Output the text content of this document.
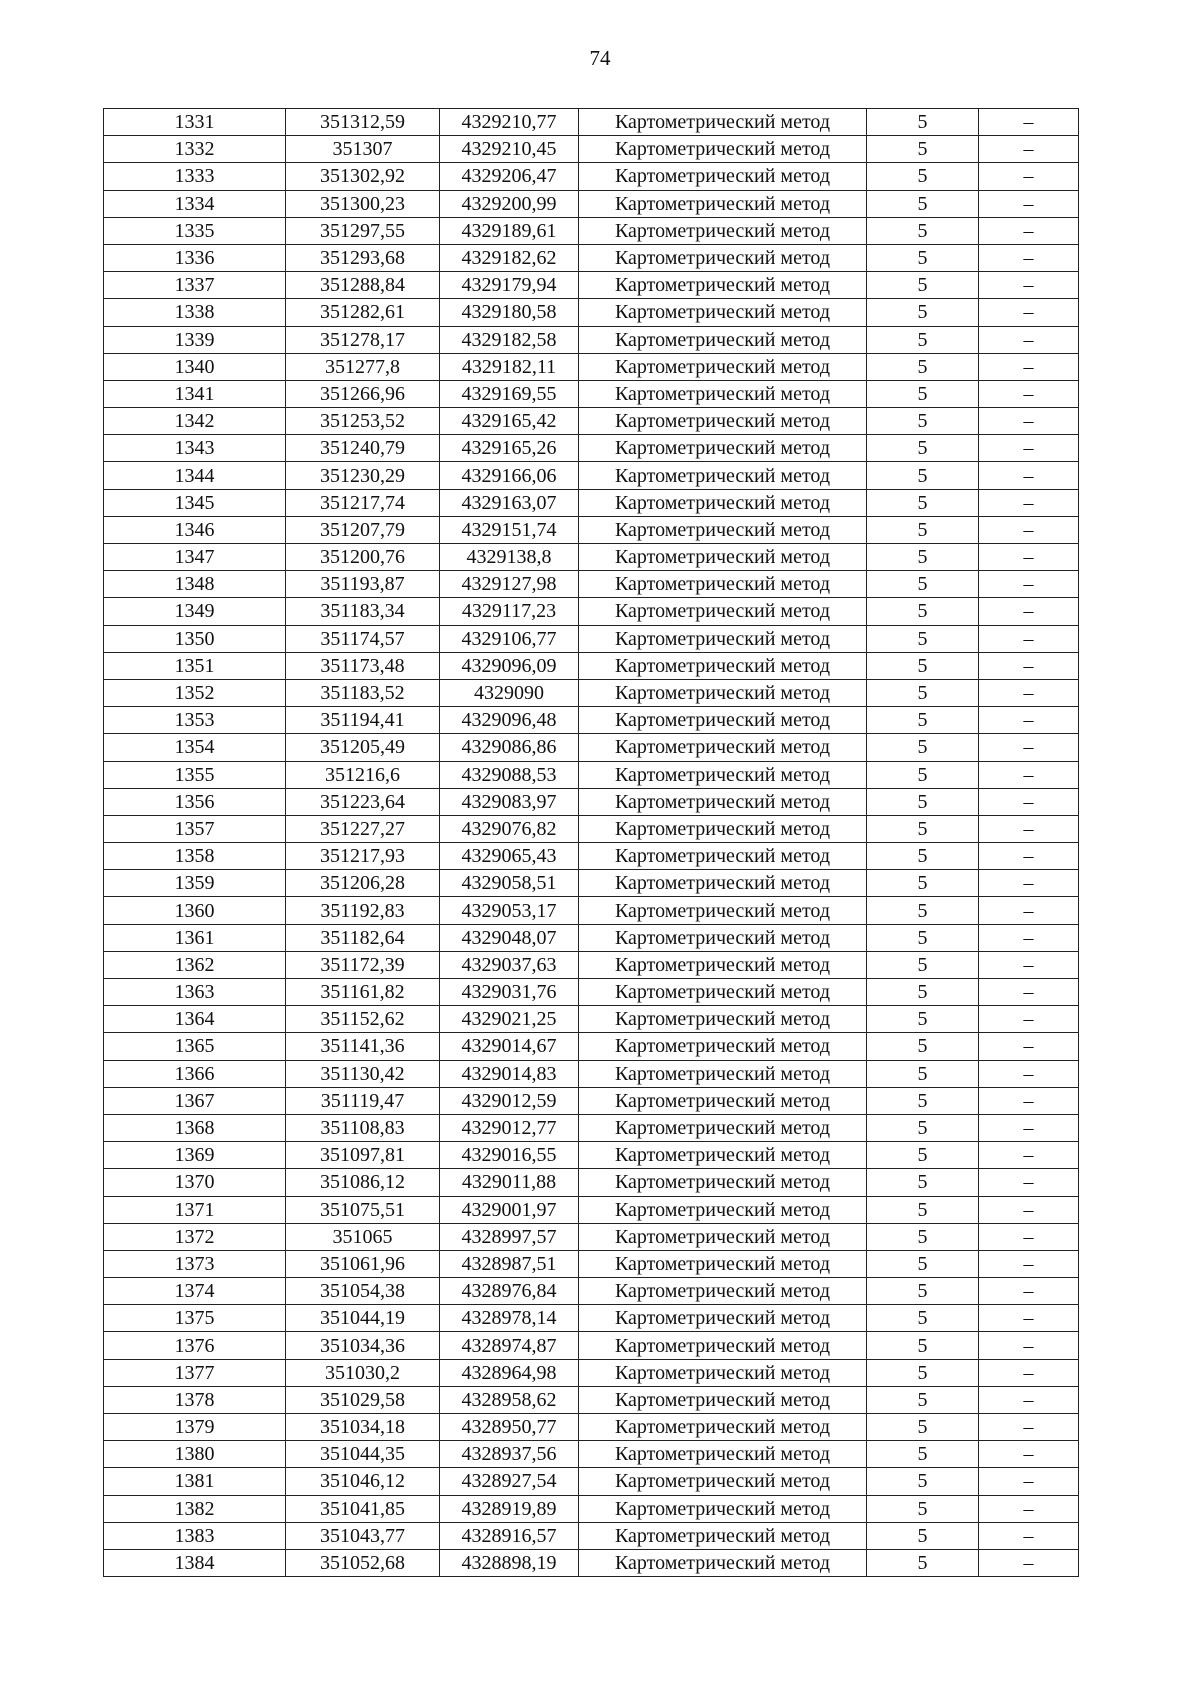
74
1331	351312,59	4329210,77	Картометрический метод	5	–
1332	351307	4329210,45	Картометрический метод	5	–
1333	351302,92	4329206,47	Картометрический метод	5	–
1334	351300,23	4329200,99	Картометрический метод	5	–
1335	351297,55	4329189,61	Картометрический метод	5	–
1336	351293,68	4329182,62	Картометрический метод	5	–
1337	351288,84	4329179,94	Картометрический метод	5	–
1338	351282,61	4329180,58	Картометрический метод	5	–
1339	351278,17	4329182,58	Картометрический метод	5	–
1340	351277,8	4329182,11	Картометрический метод	5	–
1341	351266,96	4329169,55	Картометрический метод	5	–
1342	351253,52	4329165,42	Картометрический метод	5	–
1343	351240,79	4329165,26	Картометрический метод	5	–
1344	351230,29	4329166,06	Картометрический метод	5	–
1345	351217,74	4329163,07	Картометрический метод	5	–
1346	351207,79	4329151,74	Картометрический метод	5	–
1347	351200,76	4329138,8	Картометрический метод	5	–
1348	351193,87	4329127,98	Картометрический метод	5	–
1349	351183,34	4329117,23	Картометрический метод	5	–
1350	351174,57	4329106,77	Картометрический метод	5	–
1351	351173,48	4329096,09	Картометрический метод	5	–
1352	351183,52	4329090	Картометрический метод	5	–
1353	351194,41	4329096,48	Картометрический метод	5	–
1354	351205,49	4329086,86	Картометрический метод	5	–
1355	351216,6	4329088,53	Картометрический метод	5	–
1356	351223,64	4329083,97	Картометрический метод	5	–
1357	351227,27	4329076,82	Картометрический метод	5	–
1358	351217,93	4329065,43	Картометрический метод	5	–
1359	351206,28	4329058,51	Картометрический метод	5	–
1360	351192,83	4329053,17	Картометрический метод	5	–
1361	351182,64	4329048,07	Картометрический метод	5	–
1362	351172,39	4329037,63	Картометрический метод	5	–
1363	351161,82	4329031,76	Картометрический метод	5	–
1364	351152,62	4329021,25	Картометрический метод	5	–
1365	351141,36	4329014,67	Картометрический метод	5	–
1366	351130,42	4329014,83	Картометрический метод	5	–
1367	351119,47	4329012,59	Картометрический метод	5	–
1368	351108,83	4329012,77	Картометрический метод	5	–
1369	351097,81	4329016,55	Картометрический метод	5	–
1370	351086,12	4329011,88	Картометрический метод	5	–
1371	351075,51	4329001,97	Картометрический метод	5	–
1372	351065	4328997,57	Картометрический метод	5	–
1373	351061,96	4328987,51	Картометрический метод	5	–
1374	351054,38	4328976,84	Картометрический метод	5	–
1375	351044,19	4328978,14	Картометрический метод	5	–
1376	351034,36	4328974,87	Картометрический метод	5	–
1377	351030,2	4328964,98	Картометрический метод	5	–
1378	351029,58	4328958,62	Картометрический метод	5	–
1379	351034,18	4328950,77	Картометрический метод	5	–
1380	351044,35	4328937,56	Картометрический метод	5	–
1381	351046,12	4328927,54	Картометрический метод	5	–
1382	351041,85	4328919,89	Картометрический метод	5	–
1383	351043,77	4328916,57	Картометрический метод	5	–
1384	351052,68	4328898,19	Картометрический метод	5	–
